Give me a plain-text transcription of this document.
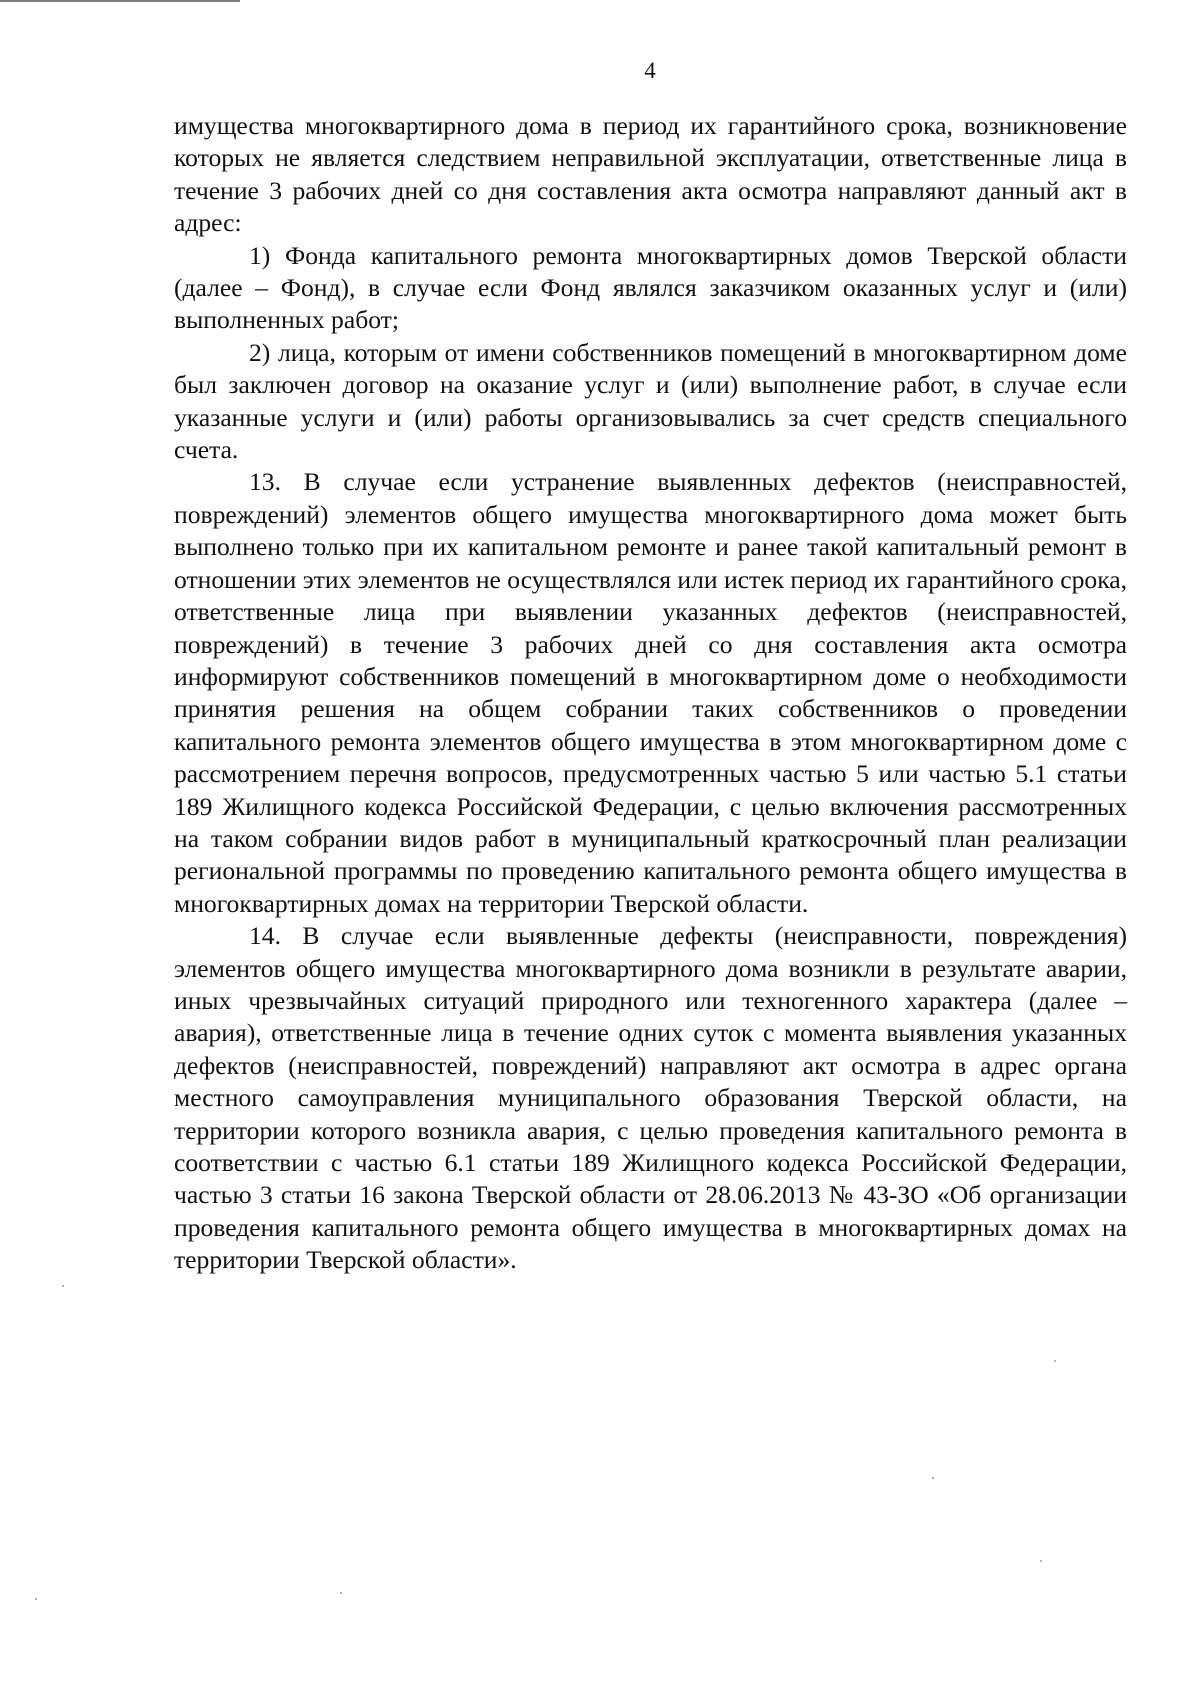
4

имущества многоквартирного дома в период их гарантийного срока, возникновение которых не является следствием неправильной эксплуатации, ответственные лица в течение 3 рабочих дней со дня составления акта осмотра направляют данный акт в адрес:

1) Фонда капитального ремонта многоквартирных домов Тверской области (далее – Фонд), в случае если Фонд являлся заказчиком оказанных услуг и (или) выполненных работ;

2) лица, которым от имени собственников помещений в многоквартирном доме был заключен договор на оказание услуг и (или) выполнение работ, в случае если указанные услуги и (или) работы организовывались за счет средств специального счета.

13. В случае если устранение выявленных дефектов (неисправностей, повреждений) элементов общего имущества многоквартирного дома может быть выполнено только при их капитальном ремонте и ранее такой капитальный ремонт в отношении этих элементов не осуществлялся или истек период их гарантийного срока, ответственные лица при выявлении указанных дефектов (неисправностей, повреждений) в течение 3 рабочих дней со дня составления акта осмотра информируют собственников помещений в многоквартирном доме о необходимости принятия решения на общем собрании таких собственников о проведении капитального ремонта элементов общего имущества в этом многоквартирном доме с рассмотрением перечня вопросов, предусмотренных частью 5 или частью 5.1 статьи 189 Жилищного кодекса Российской Федерации, с целью включения рассмотренных на таком собрании видов работ в муниципальный краткосрочный план реализации региональной программы по проведению капитального ремонта общего имущества в многоквартирных домах на территории Тверской области.

14. В случае если выявленные дефекты (неисправности, повреждения) элементов общего имущества многоквартирного дома возникли в результате аварии, иных чрезвычайных ситуаций природного или техногенного характера (далее – авария), ответственные лица в течение одних суток с момента выявления указанных дефектов (неисправностей, повреждений) направляют акт осмотра в адрес органа местного самоуправления муниципального образования Тверской области, на территории которого возникла авария, с целью проведения капитального ремонта в соответствии с частью 6.1 статьи 189 Жилищного кодекса Российской Федерации, частью 3 статьи 16 закона Тверской области от 28.06.2013 № 43-ЗО «Об организации проведения капитального ремонта общего имущества в многоквартирных домах на территории Тверской области».
